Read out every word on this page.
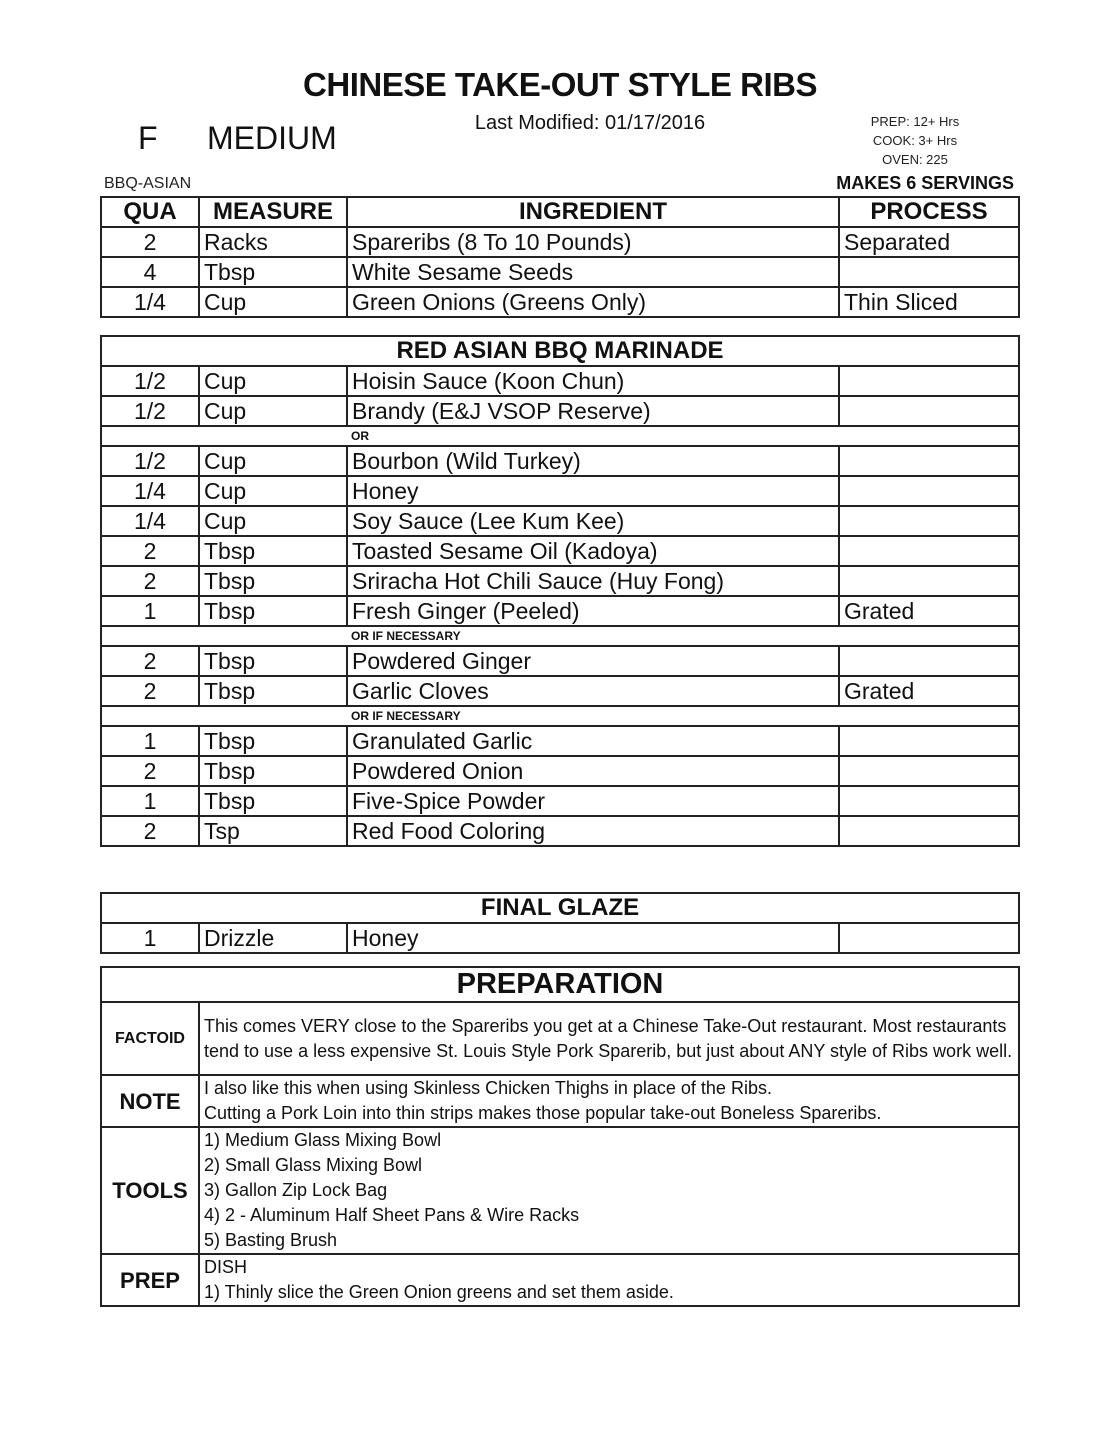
CHINESE TAKE-OUT STYLE RIBS
F MEDIUM	Last Modified: 01/17/2016	PREP: 12+ Hrs
COOK: 3+ Hrs
OVEN: 225
BBQ-ASIAN	MAKES 6 SERVINGS
QUA	MEASURE	INGREDIENT	PROCESS
2	Racks	Spareribs (8 To 10 Pounds)	Separated
4	Tbsp	White Sesame Seeds	
1/4	Cup	Green Onions (Greens Only)	Thin Sliced
RED ASIAN BBQ MARINADE			
1/2	Cup	Hoisin Sauce (Koon Chun)	
1/2	Cup	Brandy (E&J VSOP Reserve)	
		OR	
1/2	Cup	Bourbon (Wild Turkey)	
1/4	Cup	Honey	
1/4	Cup	Soy Sauce (Lee Kum Kee)	
2	Tbsp	Toasted Sesame Oil (Kadoya)	
2	Tbsp	Sriracha Hot Chili Sauce (Huy Fong)	
1	Tbsp	Fresh Ginger (Peeled)	Grated
		OR IF NECESSARY	
2	Tbsp	Powdered Ginger	
2	Tbsp	Garlic Cloves	Grated
		OR IF NECESSARY	
1	Tbsp	Granulated Garlic	
2	Tbsp	Powdered Onion	
1	Tbsp	Five-Spice Powder	
2	Tsp	Red Food Coloring	
FINAL GLAZE
1	Drizzle	Honey	
PREPARATION	
FACTOID	This comes VERY close to the Spareribs you get at a Chinese Take-Out restaurant. Most restaurants tend to use a less expensive St. Louis Style Pork Sparerib, but just about ANY style of Ribs work well.

NOTE	I also like this when using Skinless Chicken Thighs in place of the Ribs.
Cutting a Pork Loin into thin strips makes those popular take-out Boneless Spareribs.

TOOLS	1) Medium Glass Mixing Bowl
2) Small Glass Mixing Bowl
3) Gallon Zip Lock Bag
4) 2 - Aluminum Half Sheet Pans & Wire Racks
5) Basting Brush

PREP	DISH
1) Thinly slice the Green Onion greens and set them aside.
